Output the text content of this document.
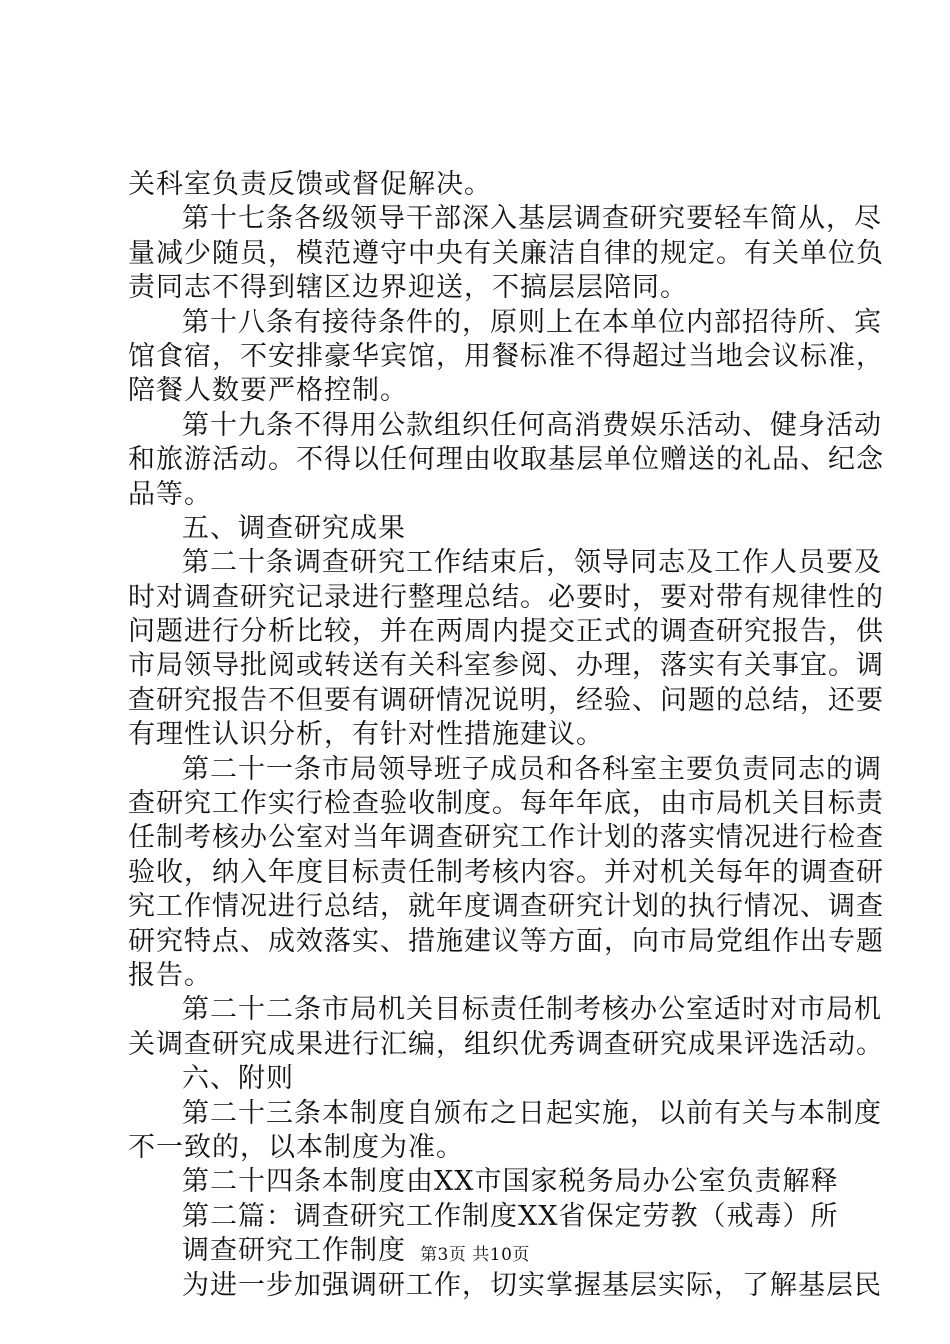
关科室负责反馈或督促解决。
第十七条各级领导干部深入基层调查研究要轻车简从，尽
量减少随员，模范遵守中央有关廉洁自律的规定。有关单位负
责同志不得到辖区边界迎送，不搞层层陪同。
第十八条有接待条件的，原则上在本单位内部招待所、宾
馆食宿，不安排豪华宾馆，用餐标准不得超过当地会议标准，
陪餐人数要严格控制。
第十九条不得用公款组织任何高消费娱乐活动、健身活动
和旅游活动。不得以任何理由收取基层单位赠送的礼品、纪念
品等。
五、调查研究成果
第二十条调查研究工作结束后，领导同志及工作人员要及
时对调查研究记录进行整理总结。必要时，要对带有规律性的
问题进行分析比较，并在两周内提交正式的调查研究报告，供
市局领导批阅或转送有关科室参阅、办理，落实有关事宜。调
查研究报告不但要有调研情况说明，经验、问题的总结，还要
有理性认识分析，有针对性措施建议。
第二十一条市局领导班子成员和各科室主要负责同志的调
查研究工作实行检查验收制度。每年年底，由市局机关目标责
任制考核办公室对当年调查研究工作计划的落实情况进行检查
验收，纳入年度目标责任制考核内容。并对机关每年的调查研
究工作情况进行总结，就年度调查研究计划的执行情况、调查
研究特点、成效落实、措施建议等方面，向市局党组作出专题
报告。
第二十二条市局机关目标责任制考核办公室适时对市局机
关调查研究成果进行汇编，组织优秀调查研究成果评选活动。
六、附则
第二十三条本制度自颁布之日起实施，以前有关与本制度
不一致的，以本制度为准。
第二十四条本制度由XX市国家税务局办公室负责解释
第二篇：调查研究工作制度XX省保定劳教（戒毒）所
调查研究工作制度
为进一步加强调研工作，切实掌握基层实际，了解基层民
第3页 共10页
